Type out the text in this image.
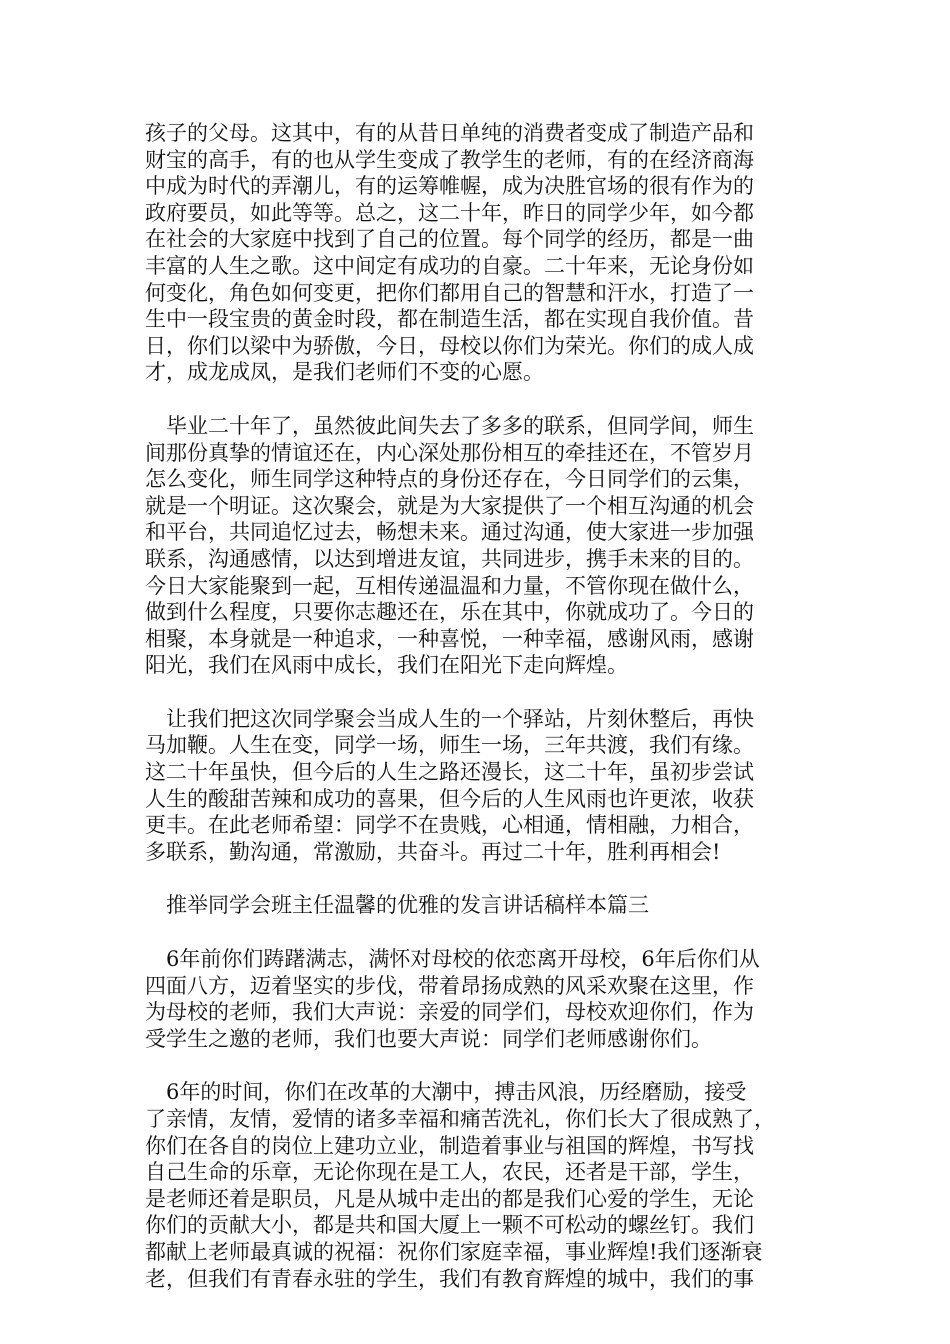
孩子的父母。这其中，有的从昔日单纯的消费者变成了制造产品和
财宝的高手，有的也从学生变成了教学生的老师，有的在经济商海
中成为时代的弄潮儿，有的运筹帷幄，成为决胜官场的很有作为的
政府要员，如此等等。总之，这二十年，昨日的同学少年，如今都
在社会的大家庭中找到了自己的位置。每个同学的经历，都是一曲
丰富的人生之歌。这中间定有成功的自豪。二十年来，无论身份如
何变化，角色如何变更，把你们都用自己的智慧和汗水，打造了一
生中一段宝贵的黄金时段，都在制造生活，都在实现自我价值。昔
日，你们以梁中为骄傲，今日，母校以你们为荣光。你们的成人成
才，成龙成凤，是我们老师们不变的心愿。
　毕业二十年了，虽然彼此间失去了多多的联系，但同学间，师生
间那份真挚的情谊还在，内心深处那份相互的牵挂还在，不管岁月
怎么变化，师生同学这种特点的身份还存在，今日同学们的云集，
就是一个明证。这次聚会，就是为大家提供了一个相互沟通的机会
和平台，共同追忆过去，畅想未来。通过沟通，使大家进一步加强
联系，沟通感情，以达到增进友谊，共同进步，携手未来的目的。
今日大家能聚到一起，互相传递温温和力量，不管你现在做什么，
做到什么程度，只要你志趣还在，乐在其中，你就成功了。今日的
相聚，本身就是一种追求，一种喜悦，一种幸福，感谢风雨，感谢
阳光，我们在风雨中成长，我们在阳光下走向辉煌。
　让我们把这次同学聚会当成人生的一个驿站，片刻休整后，再快
马加鞭。人生在变，同学一场，师生一场，三年共渡，我们有缘。
这二十年虽快，但今后的人生之路还漫长，这二十年，虽初步尝试
人生的酸甜苦辣和成功的喜果，但今后的人生风雨也许更浓，收获
更丰。在此老师希望：同学不在贵贱，心相通，情相融，力相合，
多联系，勤沟通，常激励，共奋斗。再过二十年，胜利再相会!
　推举同学会班主任温馨的优雅的发言讲话稿样本篇三
　6年前你们踌躇满志，满怀对母校的依恋离开母校，6年后你们从
四面八方，迈着坚实的步伐，带着昂扬成熟的风采欢聚在这里，作
为母校的老师，我们大声说：亲爱的同学们，母校欢迎你们，作为
受学生之邀的老师，我们也要大声说：同学们老师感谢你们。
　6年的时间，你们在改革的大潮中，搏击风浪，历经磨励，接受
了亲情，友情，爱情的诸多幸福和痛苦洗礼，你们长大了很成熟了，
你们在各自的岗位上建功立业，制造着事业与祖国的辉煌，书写找
自己生命的乐章，无论你现在是工人，农民，还者是干部，学生，
是老师还着是职员，凡是从城中走出的都是我们心爱的学生，无论
你们的贡献大小，都是共和国大厦上一颗不可松动的螺丝钉。我们
都献上老师最真诚的祝福：祝你们家庭幸福，事业辉煌!我们逐渐衰
老，但我们有青春永驻的学生，我们有教育辉煌的城中，我们的事
